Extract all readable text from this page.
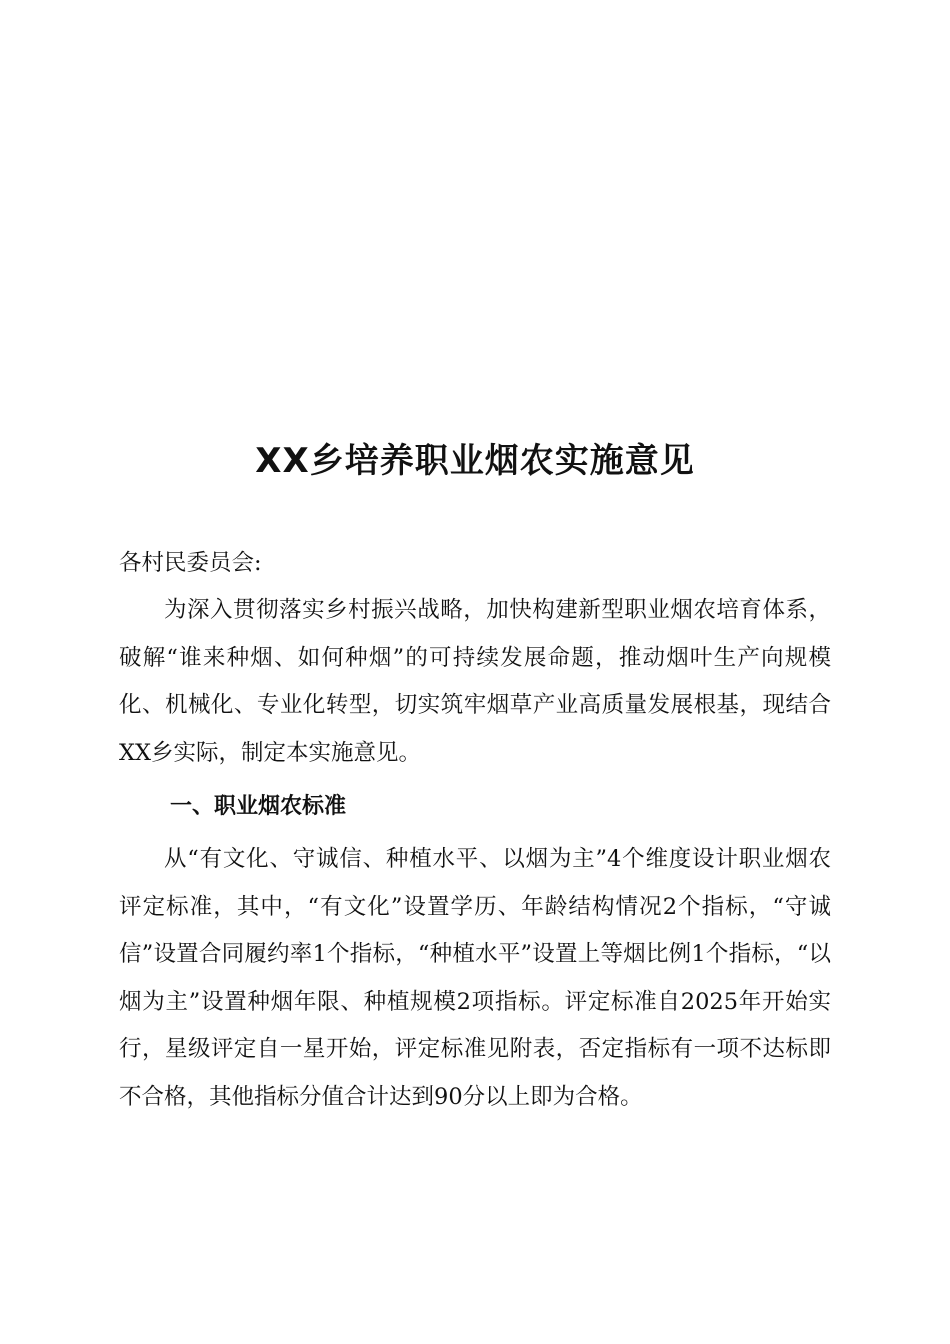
XX乡培养职业烟农实施意见

各村民委员会:

为深入贯彻落实乡村振兴战略，加快构建新型职业烟农培育体系，破解“谁来种烟、如何种烟”的可持续发展命题，推动烟叶生产向规模化、机械化、专业化转型，切实筑牢烟草产业高质量发展根基，现结合XX乡实际，制定本实施意见。

一、职业烟农标准

从“有文化、守诚信、种植水平、以烟为主”4个维度设计职业烟农评定标准，其中，“有文化”设置学历、年龄结构情况2个指标，“守诚信”设置合同履约率1个指标，“种植水平”设置上等烟比例1个指标，“以烟为主”设置种烟年限、种植规模2项指标。评定标准自2025年开始实行，星级评定自一星开始，评定标准见附表，否定指标有一项不达标即不合格，其他指标分值合计达到90分以上即为合格。
